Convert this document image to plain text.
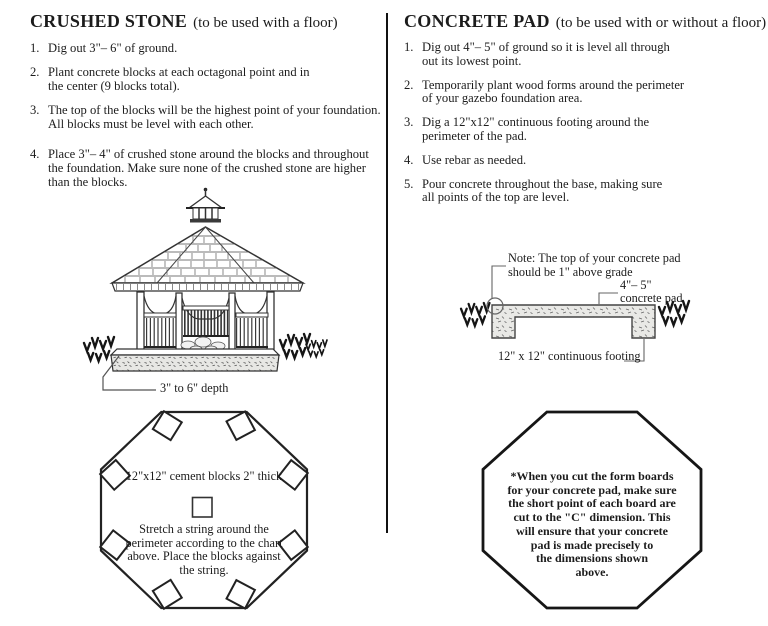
CRUSHED STONE (to be used with a floor)
1. Dig out 3"– 6" of ground.
2. Plant concrete blocks at each octagonal point and in
the center (9 blocks total).
3. The top of the blocks will be the highest point of your foundation.
All blocks must be level with each other.
4. Place 3"– 4" of crushed stone around the blocks and throughout
the foundation. Make sure none of the crushed stone are higher
than the blocks.
CONCRETE PAD (to be used with or without a floor)
1. Dig out 4"– 5" of ground so it is level all through
out its lowest point.
2. Temporarily plant wood forms around the perimeter
of your gazebo foundation area.
3. Dig a 12"x12" continuous footing around the
perimeter of the pad.
4. Use rebar as needed.
5. Pour concrete throughout the base, making sure
all points of the top are level.
3" to 6" depth
12"x12" cement blocks 2" thick
Stretch a string around the
perimeter according to the chart
above. Place the blocks against
the string.
Note: The top of your concrete pad
should be 1" above grade
4"– 5"
concrete pad
12" x 12" continuous footing
*When you cut the form boards
for your concrete pad, make sure
the short point of each board are
cut to the "C" dimension. This
will ensure that your concrete
pad is made precisely to
the dimensions shown
above.
